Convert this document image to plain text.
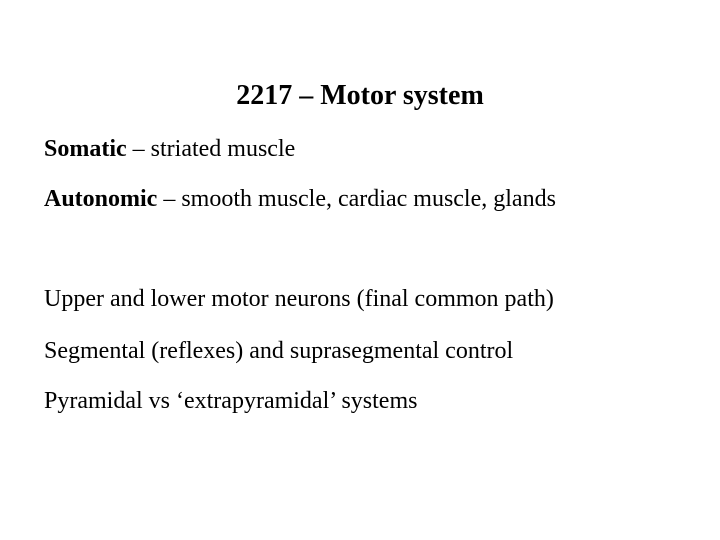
2217 – Motor system
Somatic – striated muscle
Autonomic – smooth muscle, cardiac muscle, glands
Upper and lower motor neurons (final common path)
Segmental (reflexes) and suprasegmental control
Pyramidal vs ‘extrapyramidal’ systems
